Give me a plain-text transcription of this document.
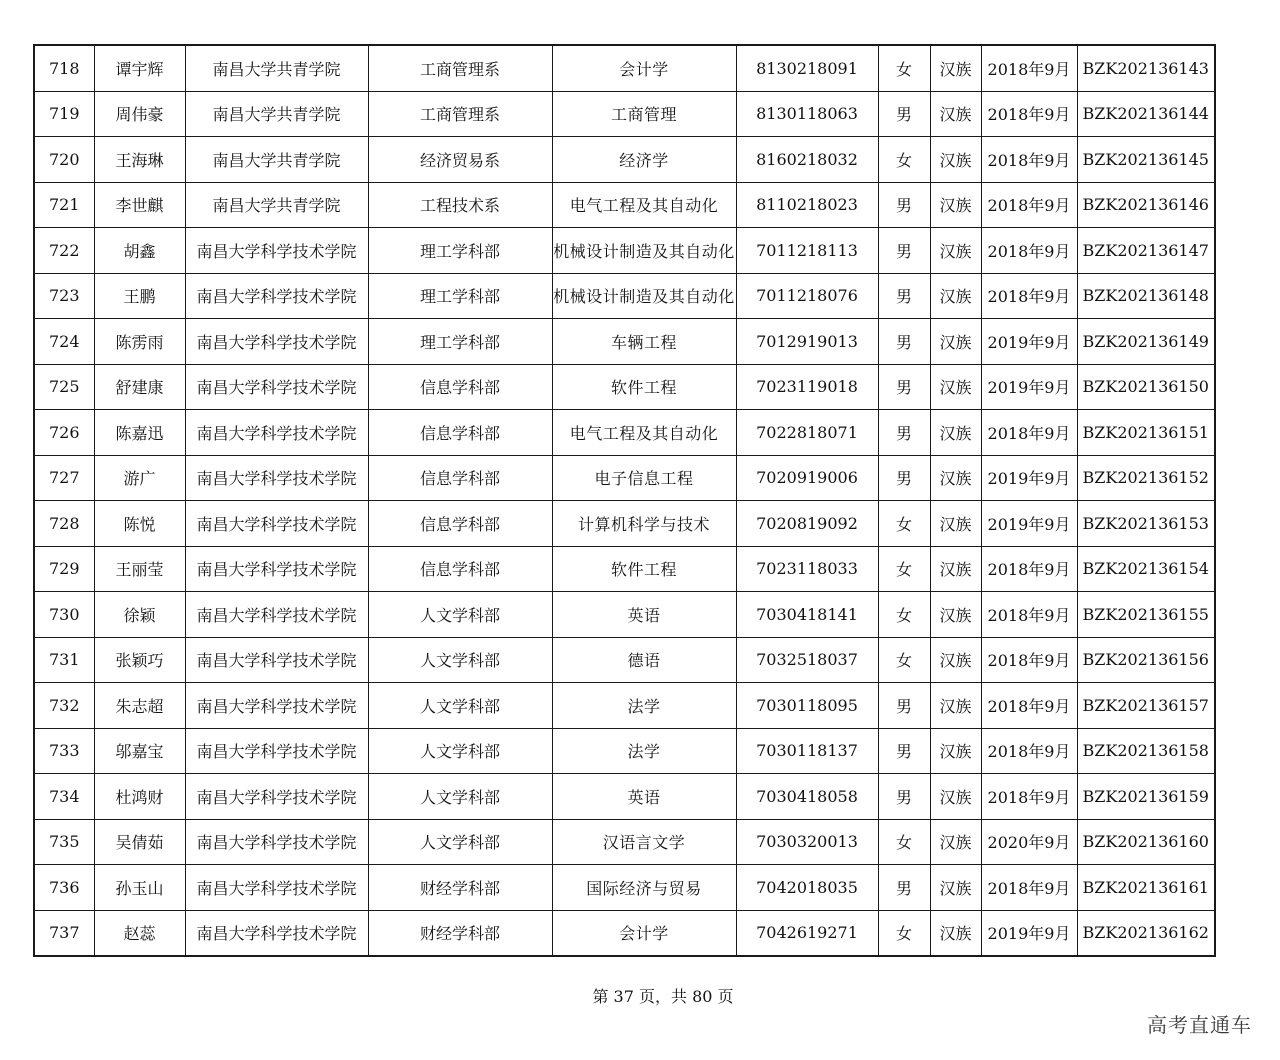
718	谭宇辉	南昌大学共青学院	工商管理系	会计学	8130218091	女	汉族	2018年9月	BZK202136143
719	周伟豪	南昌大学共青学院	工商管理系	工商管理	8130118063	男	汉族	2018年9月	BZK202136144
720	王海琳	南昌大学共青学院	经济贸易系	经济学	8160218032	女	汉族	2018年9月	BZK202136145
721	李世麒	南昌大学共青学院	工程技术系	电气工程及其自动化	8110218023	男	汉族	2018年9月	BZK202136146
722	胡鑫	南昌大学科学技术学院	理工学科部	机械设计制造及其自动化	7011218113	男	汉族	2018年9月	BZK202136147
723	王鹏	南昌大学科学技术学院	理工学科部	机械设计制造及其自动化	7011218076	男	汉族	2018年9月	BZK202136148
724	陈雳雨	南昌大学科学技术学院	理工学科部	车辆工程	7012919013	男	汉族	2019年9月	BZK202136149
725	舒建康	南昌大学科学技术学院	信息学科部	软件工程	7023119018	男	汉族	2019年9月	BZK202136150
726	陈嘉迅	南昌大学科学技术学院	信息学科部	电气工程及其自动化	7022818071	男	汉族	2018年9月	BZK202136151
727	游广	南昌大学科学技术学院	信息学科部	电子信息工程	7020919006	男	汉族	2019年9月	BZK202136152
728	陈悦	南昌大学科学技术学院	信息学科部	计算机科学与技术	7020819092	女	汉族	2019年9月	BZK202136153
729	王丽莹	南昌大学科学技术学院	信息学科部	软件工程	7023118033	女	汉族	2018年9月	BZK202136154
730	徐颖	南昌大学科学技术学院	人文学科部	英语	7030418141	女	汉族	2018年9月	BZK202136155
731	张颖巧	南昌大学科学技术学院	人文学科部	德语	7032518037	女	汉族	2018年9月	BZK202136156
732	朱志超	南昌大学科学技术学院	人文学科部	法学	7030118095	男	汉族	2018年9月	BZK202136157
733	邬嘉宝	南昌大学科学技术学院	人文学科部	法学	7030118137	男	汉族	2018年9月	BZK202136158
734	杜鸿财	南昌大学科学技术学院	人文学科部	英语	7030418058	男	汉族	2018年9月	BZK202136159
735	吴倩茹	南昌大学科学技术学院	人文学科部	汉语言文学	7030320013	女	汉族	2020年9月	BZK202136160
736	孙玉山	南昌大学科学技术学院	财经学科部	国际经济与贸易	7042018035	男	汉族	2018年9月	BZK202136161
737	赵蕊	南昌大学科学技术学院	财经学科部	会计学	7042619271	女	汉族	2019年9月	BZK202136162
第 37 页，共 80 页
高考直通车
